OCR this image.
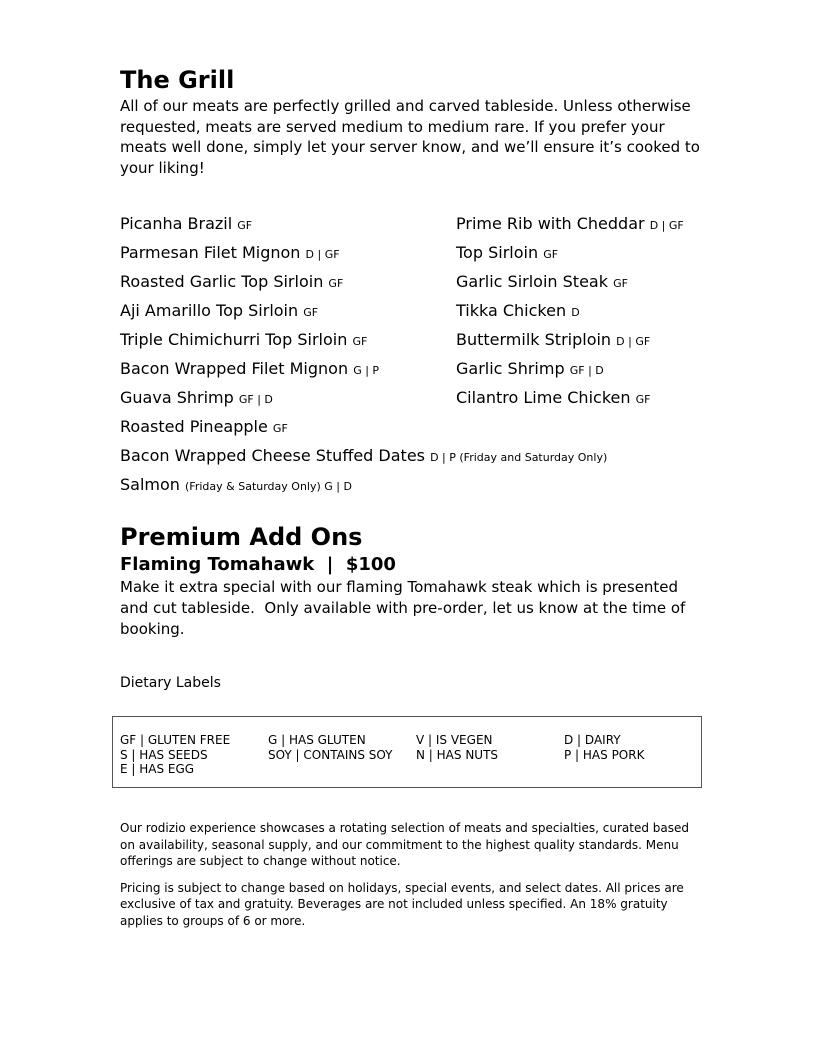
The Grill

All of our meats are perfectly grilled and carved tableside. Unless otherwise requested, meats are served medium to medium rare. If you prefer your meats well done, simply let your server know, and we’ll ensure it’s cooked to your liking!

Picanha Brazil GF	Prime Rib with Cheddar D | GF
Parmesan Filet Mignon D | GF	Top Sirloin GF
Roasted Garlic Top Sirloin GF	Garlic Sirloin Steak GF
Aji Amarillo Top Sirloin GF	Tikka Chicken D
Triple Chimichurri Top Sirloin GF	Buttermilk Striploin D | GF
Bacon Wrapped Filet Mignon G | P	Garlic Shrimp GF | D
Guava Shrimp GF | D	Cilantro Lime Chicken GF
Roasted Pineapple GF
Bacon Wrapped Cheese Stuffed Dates D | P (Friday and Saturday Only)
Salmon (Friday & Saturday Only) G | D
Premium Add Ons
Flaming Tomahawk  |  $100

Make it extra special with our flaming Tomahawk steak which is presented and cut tableside.  Only available with pre-order, let us know at the time of booking.

Dietary Labels
GF | GLUTEN FREE	G | HAS GLUTEN	V | IS VEGEN	D | DAIRY
S | HAS SEEDS	SOY | CONTAINS SOY	N | HAS NUTS	P | HAS PORK
E | HAS EGG

Our rodizio experience showcases a rotating selection of meats and specialties, curated based on availability, seasonal supply, and our commitment to the highest quality standards. Menu offerings are subject to change without notice.

Pricing is subject to change based on holidays, special events, and select dates. All prices are exclusive of tax and gratuity. Beverages are not included unless specified. An 18% gratuity applies to groups of 6 or more.
